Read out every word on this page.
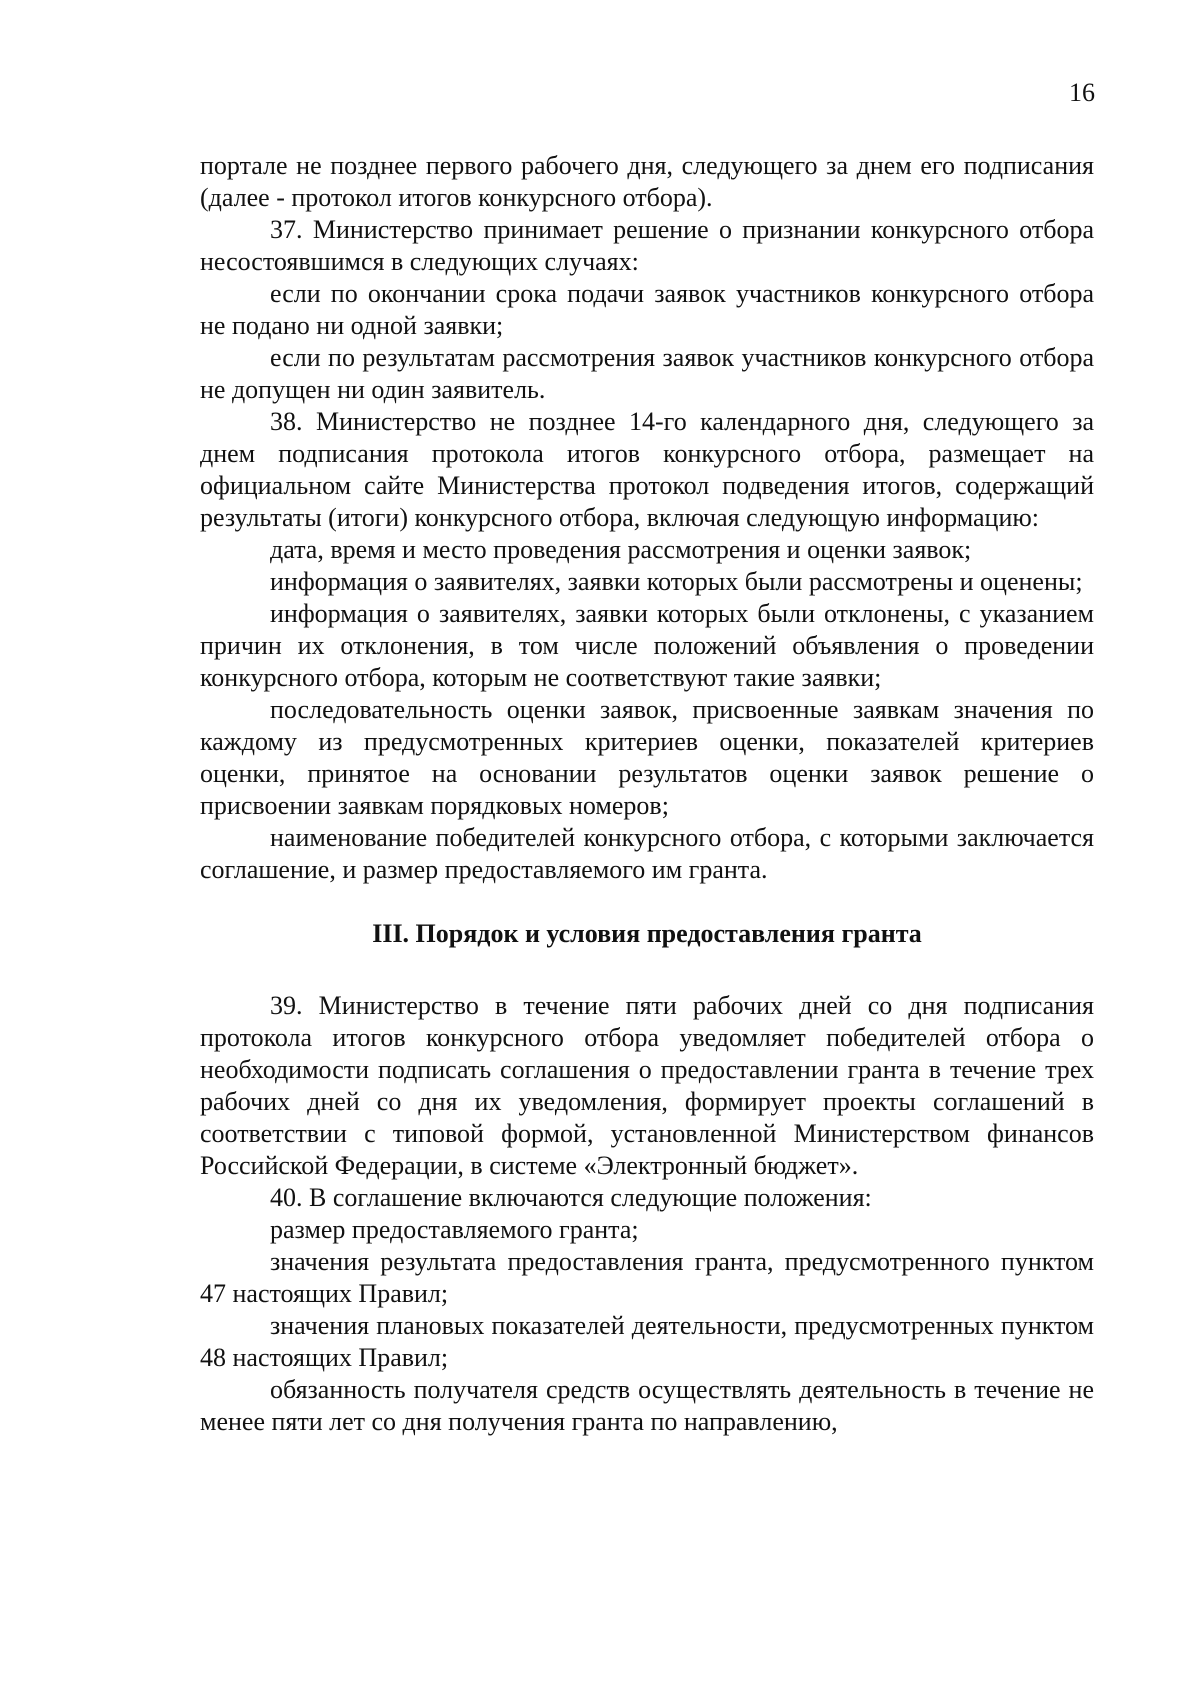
16

портале не позднее первого рабочего дня, следующего за днем его подписания (далее - протокол итогов конкурсного отбора).

37. Министерство принимает решение о признании конкурсного отбора несостоявшимся в следующих случаях:

если по окончании срока подачи заявок участников конкурсного отбора не подано ни одной заявки;

если по результатам рассмотрения заявок участников конкурсного отбора не допущен ни один заявитель.

38. Министерство не позднее 14-го календарного дня, следующего за днем подписания протокола итогов конкурсного отбора, размещает на официальном сайте Министерства протокол подведения итогов, содержащий результаты (итоги) конкурсного отбора, включая следующую информацию:

дата, время и место проведения рассмотрения и оценки заявок;

информация о заявителях, заявки которых были рассмотрены и оценены;

информация о заявителях, заявки которых были отклонены, с указанием причин их отклонения, в том числе положений объявления о проведении конкурсного отбора, которым не соответствуют такие заявки;

последовательность оценки заявок, присвоенные заявкам значения по каждому из предусмотренных критериев оценки, показателей критериев оценки, принятое на основании результатов оценки заявок решение о присвоении заявкам порядковых номеров;

наименование победителей конкурсного отбора, с которыми заключается соглашение, и размер предоставляемого им гранта.

III. Порядок и условия предоставления гранта

39. Министерство в течение пяти рабочих дней со дня подписания протокола итогов конкурсного отбора уведомляет победителей отбора о необходимости подписать соглашения о предоставлении гранта в течение трех рабочих дней со дня их уведомления, формирует проекты соглашений в соответствии с типовой формой, установленной Министерством финансов Российской Федерации, в системе «Электронный бюджет».

40. В соглашение включаются следующие положения:

размер предоставляемого гранта;

значения результата предоставления гранта, предусмотренного пунктом 47 настоящих Правил;

значения плановых показателей деятельности, предусмотренных пунктом 48 настоящих Правил;

обязанность получателя средств осуществлять деятельность в течение не менее пяти лет со дня получения гранта по направлению,
